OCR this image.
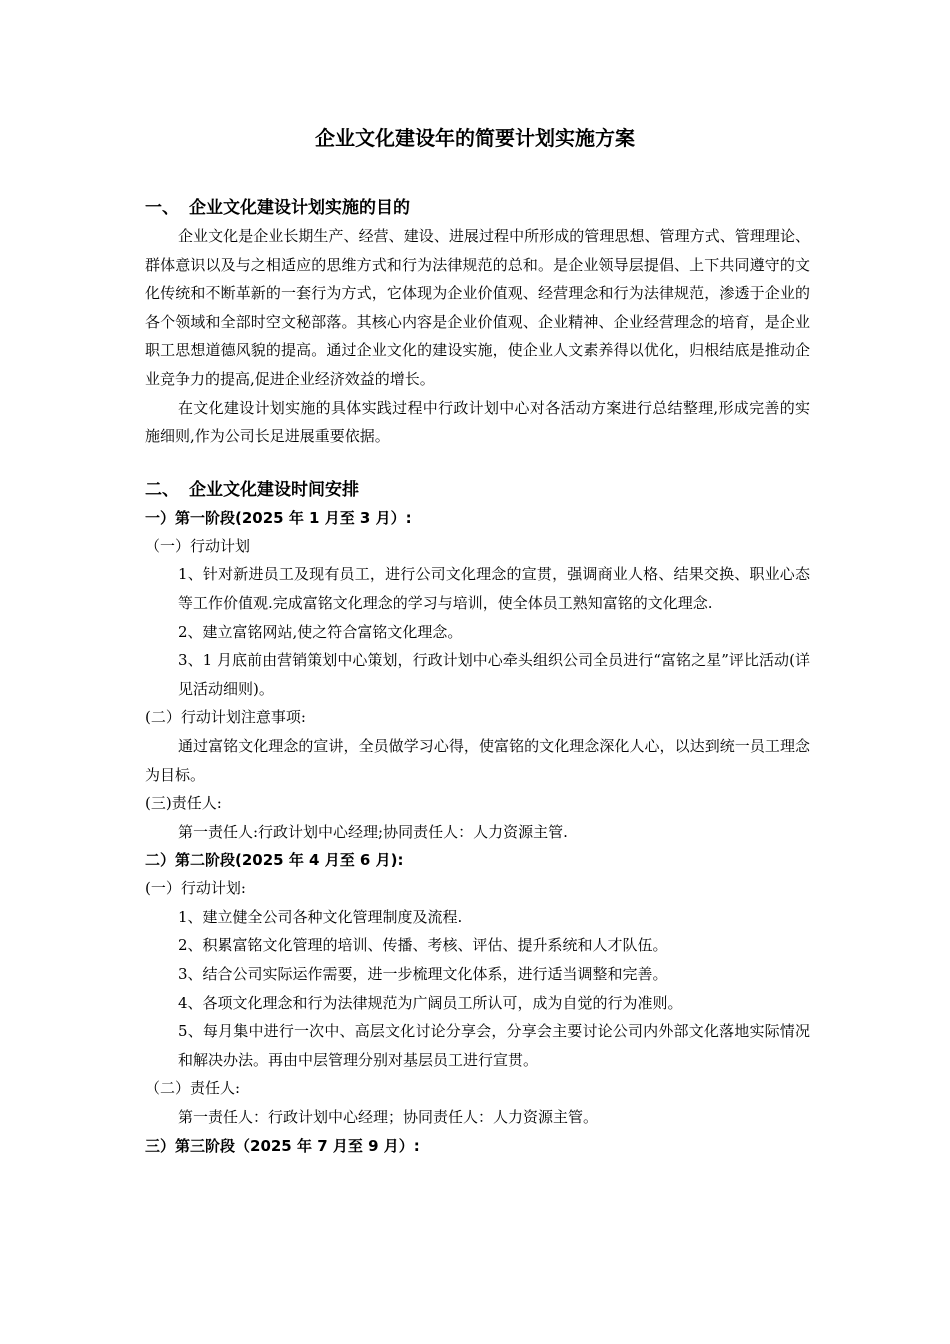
企业文化建设年的简要计划实施方案
一、 企业文化建设计划实施的目的

企业文化是企业长期生产、经营、建设、进展过程中所形成的管理思想、管理方式、管理理论、群体意识以及与之相适应的思维方式和行为法律规范的总和。是企业领导层提倡、上下共同遵守的文化传统和不断革新的一套行为方式，它体现为企业价值观、经营理念和行为法律规范，渗透于企业的各个领域和全部时空文秘部落。其核心内容是企业价值观、企业精神、企业经营理念的培育，是企业职工思想道德风貌的提高。通过企业文化的建设实施，使企业人文素养得以优化，归根结底是推动企业竞争力的提高,促进企业经济效益的增长。

在文化建设计划实施的具体实践过程中行政计划中心对各活动方案进行总结整理,形成完善的实施细则,作为公司长足进展重要依据。

二、 企业文化建设时间安排
一）第一阶段(2025 年 1 月至 3 月）:

（一）行动计划

1、针对新进员工及现有员工，进行公司文化理念的宣贯，强调商业人格、结果交换、职业心态等工作价值观.完成富铭文化理念的学习与培训，使全体员工熟知富铭的文化理念.

2、建立富铭网站,使之符合富铭文化理念。

3、1 月底前由营销策划中心策划，行政计划中心牵头组织公司全员进行“富铭之星”评比活动(详见活动细则)。

(二）行动计划注意事项:

通过富铭文化理念的宣讲，全员做学习心得，使富铭的文化理念深化人心，以达到统一员工理念为目标。

(三)责任人:

第一责任人:行政计划中心经理;协同责任人：人力资源主管.

二）第二阶段(2025 年 4 月至 6 月):

(一）行动计划:

1、建立健全公司各种文化管理制度及流程.

2、积累富铭文化管理的培训、传播、考核、评估、提升系统和人才队伍。

3、结合公司实际运作需要，进一步梳理文化体系，进行适当调整和完善。

4、各项文化理念和行为法律规范为广阔员工所认可，成为自觉的行为准则。

5、每月集中进行一次中、高层文化讨论分享会，分享会主要讨论公司内外部文化落地实际情况和解决办法。再由中层管理分别对基层员工进行宣贯。

（二）责任人:

第一责任人：行政计划中心经理；协同责任人：人力资源主管。

三）第三阶段（2025 年 7 月至 9 月）:
